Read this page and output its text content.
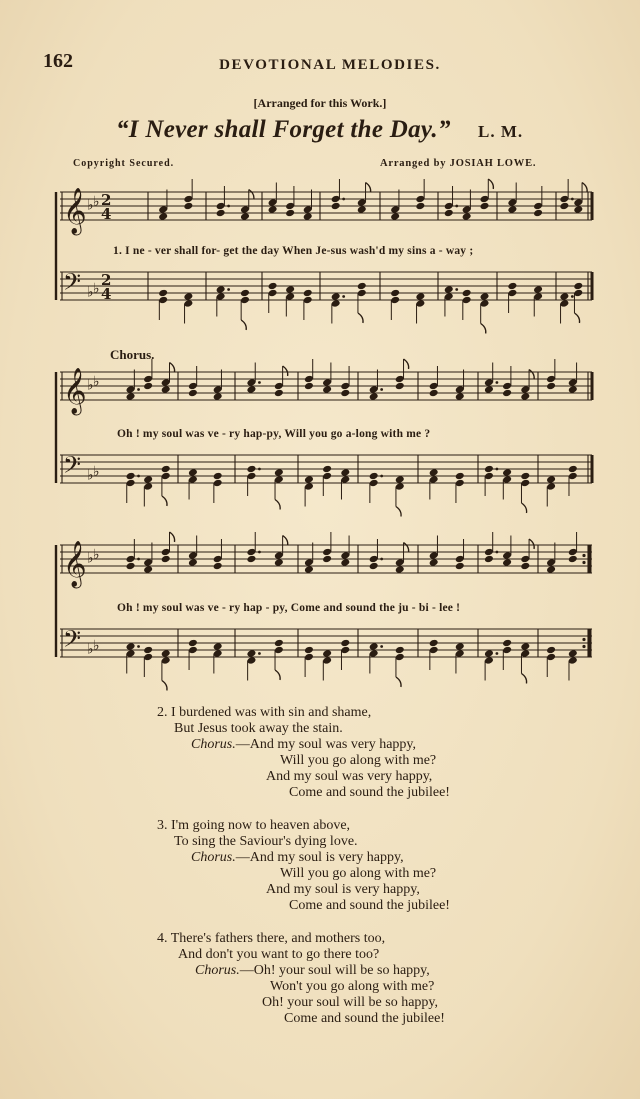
162	DEVOTIONAL MELODIES.
[Arranged for this Work.]
“I Never shall Forget the Day.” L. M.
Copyright Secured.	Arranged by JOSIAH LOWE.
𝄞 ♭ ♭ 2
4
𝄢 ♭ ♭ 2
4
𝄞 ♭ ♭
𝄢 ♭ ♭
𝄞 ♭ ♭
𝄢 ♭ ♭
1. I ne - ver shall for- get the day When Je-sus wash'd my sins a - way ;
Chorus.
Oh ! my soul was ve - ry hap-py, Will you go a-long with me ?
Oh ! my soul was ve - ry hap - py, Come and sound the ju - bi - lee !
2. I burdened was with sin and shame,
But Jesus took away the stain.
Chorus.—And my soul was very happy,
Will you go along with me?
And my soul was very happy,
Come and sound the jubilee!
3. I'm going now to heaven above,
To sing the Saviour's dying love.
Chorus.—And my soul is very happy,
Will you go along with me?
And my soul is very happy,
Come and sound the jubilee!
4. There's fathers there, and mothers too,
And don't you want to go there too?
Chorus.—Oh! your soul will be so happy,
Won't you go along with me?
Oh! your soul will be so happy,
Come and sound the jubilee!
